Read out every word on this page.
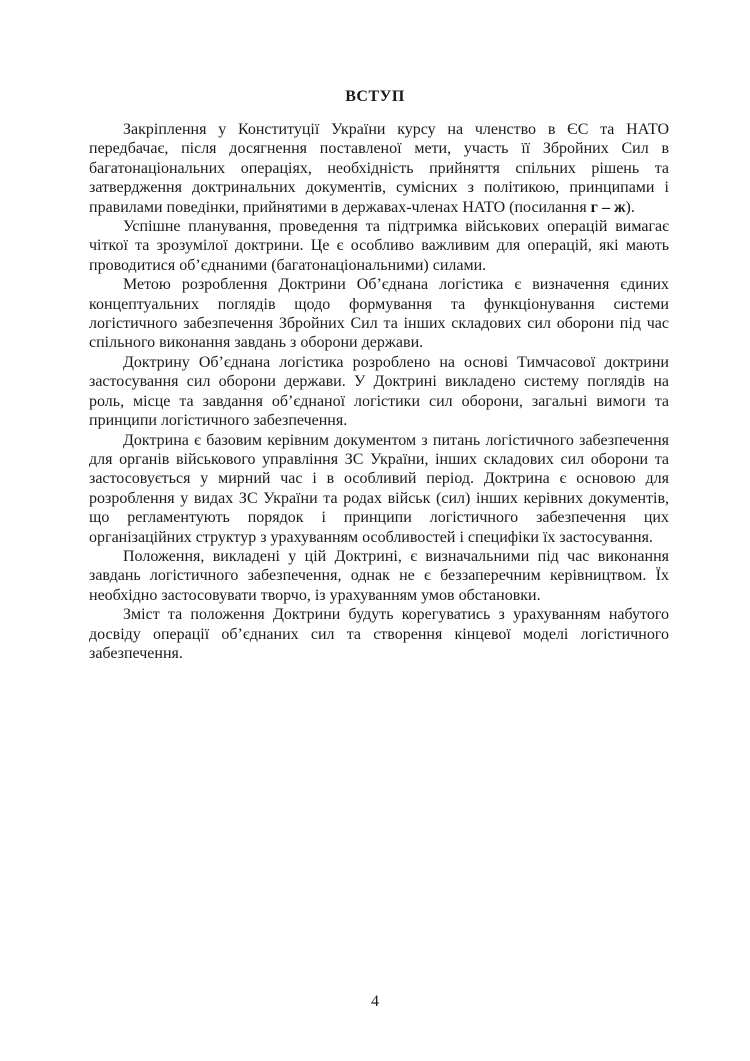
ВСТУП

Закріплення у Конституції України курсу на членство в ЄС та НАТО передбачає, після досягнення поставленої мети, участь її Збройних Сил в багатонаціональних операціях, необхідність прийняття спільних рішень та затвердження доктринальних документів, сумісних з політикою, принципами і правилами поведінки, прийнятими в державах-членах НАТО (посилання г – ж).

Успішне планування, проведення та підтримка військових операцій вимагає чіткої та зрозумілої доктрини. Це є особливо важливим для операцій, які мають проводитися об’єднаними (багатонаціональними) силами.

Метою розроблення Доктрини Об’єднана логістика є визначення єдиних концептуальних поглядів щодо формування та функціонування системи логістичного забезпечення Збройних Сил та інших складових сил оборони під час спільного виконання завдань з оборони держави.

Доктрину Об’єднана логістика розроблено на основі Тимчасової доктрини застосування сил оборони держави. У Доктрині викладено систему поглядів на роль, місце та завдання об’єднаної логістики сил оборони, загальні вимоги та принципи логістичного забезпечення.

Доктрина є базовим керівним документом з питань логістичного забезпечення для органів військового управління ЗС України, інших складових сил оборони та застосовується у мирний час і в особливий період. Доктрина є основою для розроблення у видах ЗС України та родах військ (сил) інших керівних документів, що регламентують порядок і принципи логістичного забезпечення цих організаційних структур з урахуванням особливостей і специфіки їх застосування.

Положення, викладені у цій Доктрині, є визначальними під час виконання завдань логістичного забезпечення, однак не є беззаперечним керівництвом. Їх необхідно застосовувати творчо, із урахуванням умов обстановки.

Зміст та положення Доктрини будуть корегуватись з урахуванням набутого досвіду операції об’єднаних сил та створення кінцевої моделі логістичного забезпечення.

4
